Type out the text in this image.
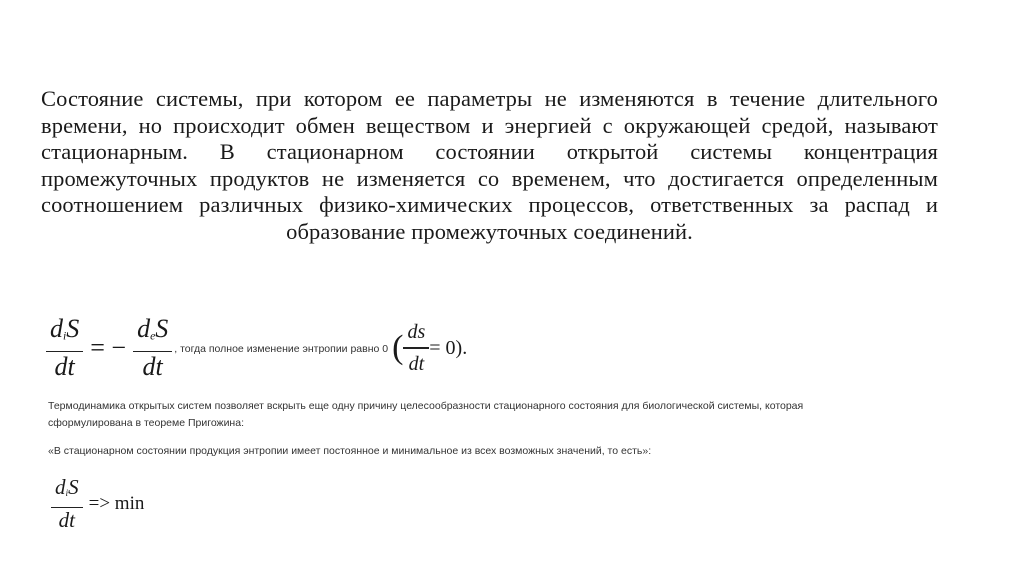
Состояние системы, при котором ее параметры не изменяются в течение длительного времени, но происходит обмен веществом и энергией с окружающей средой, называют стационарным. В стационарном состоянии открытой системы концентрация промежуточных продуктов не изменяется со временем, что достигается определенным соотношением различных физико-химических процессов, ответственных за распад и образование промежуточных соединений.
$\frac{d_iS}{dt}$ = − $\frac{d_eS}{dt}$ , тогда полное изменение энтропии равно 0 ( $\frac{ds}{dt} = 0$).
Термодинамика открытых систем позволяет вскрыть еще одну причину целесообразности стационарного состояния для биологической системы, которая сформулирована в теореме Пригожина:
«В стационарном состоянии продукция энтропии имеет постоянное и минимальное из всех возможных значений, то есть»:
$\frac{d_iS}{dt} => \min$
